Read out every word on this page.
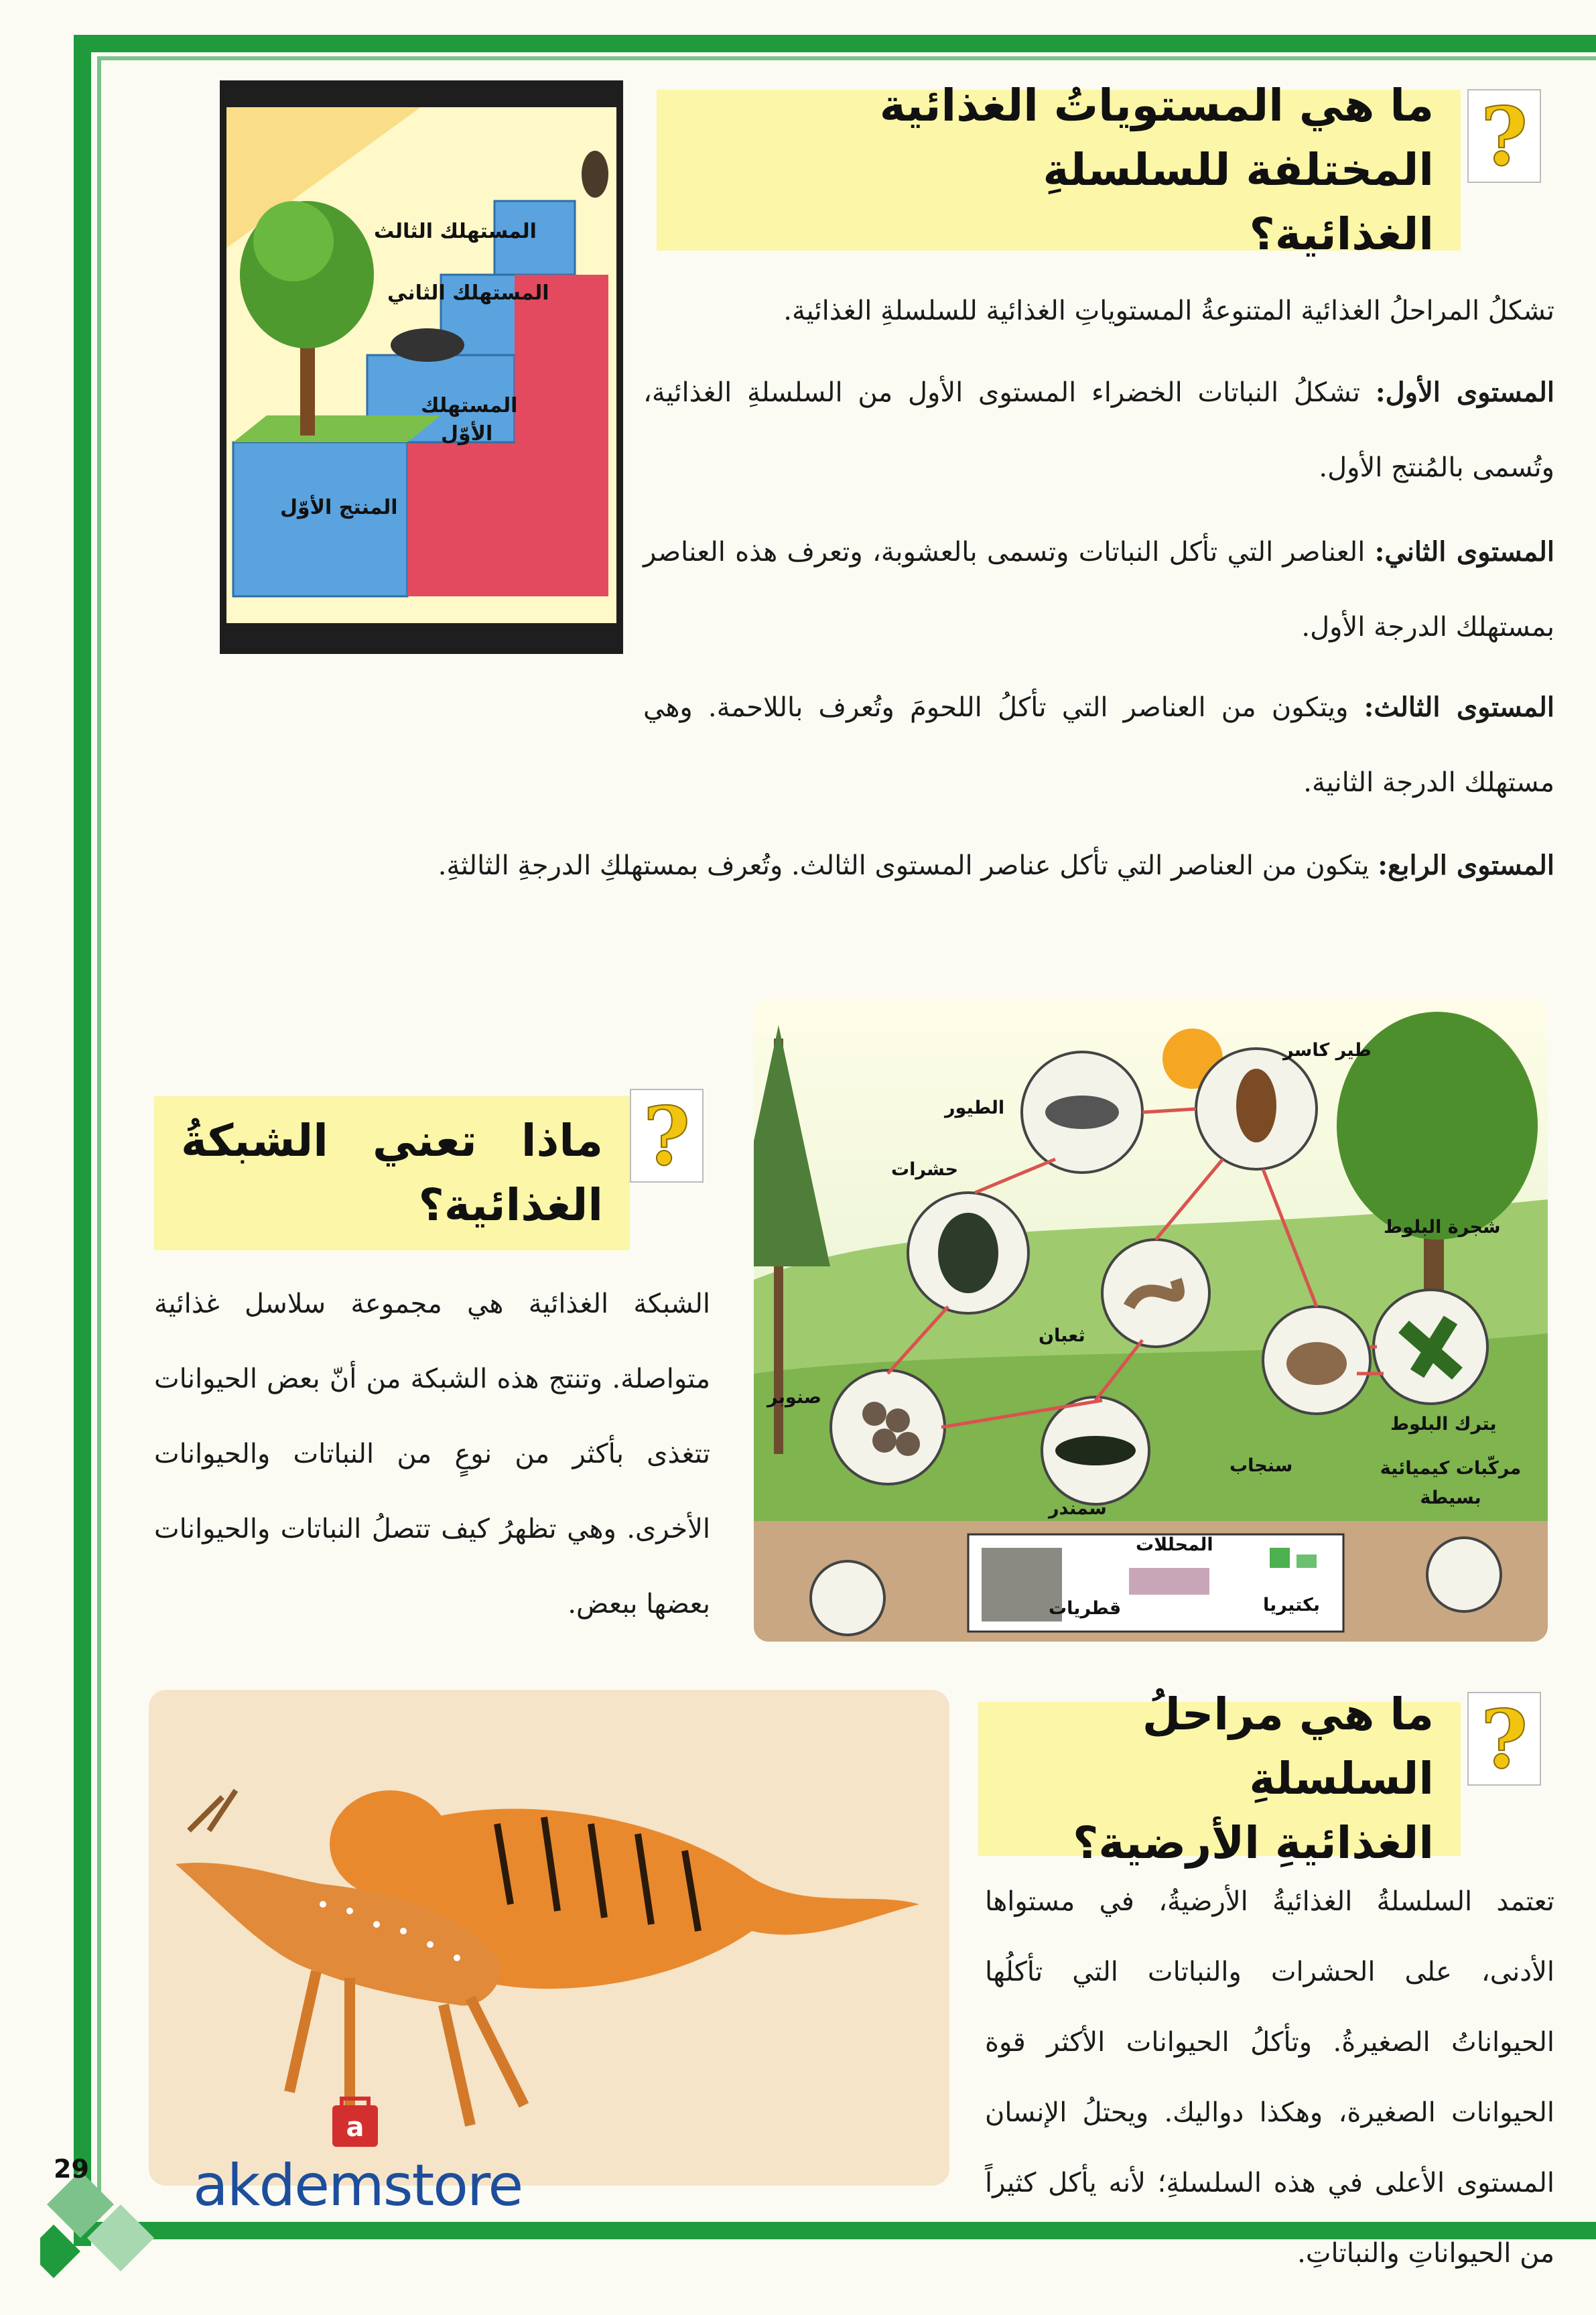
?
ما هي المستوياتُ الغذائية المختلفة للسلسلةِ
الغذائية؟
المستهلك الثالث
المستهلك الثاني
المستهلك
الأوّل
المنتج الأوّل

تشكلُ المراحلُ الغذائية المتنوعةُ المستوياتِ الغذائية للسلسلةِ الغذائية.

المستوى الأول: تشكلُ النباتات الخضراء المستوى الأول من السلسلةِ الغذائية، وتُسمى بالمُنتج الأول.

المستوى الثاني: العناصر التي تأكل النباتات وتسمى بالعشوبة، وتعرف هذه العناصر بمستهلك الدرجة الأول.

المستوى الثالث: ويتكون من العناصر التي تأكلُ اللحومَ وتُعرف باللاحمة. وهي مستهلك الدرجة الثانية.

المستوى الرابع: يتكون من العناصر التي تأكل عناصر المستوى الثالث. وتُعرف بمستهلكِ الدرجةِ الثالثةِ.

?
ماذا
تعني
الشبكةُ
الغذائية؟

الشبكة الغذائية هي مجموعة سلاسل غذائية متواصلة. وتنتج هذه الشبكة من أنّ بعض الحيوانات تتغذى بأكثر من نوعٍ من النباتات والحيوانات الأخرى. وهي تظهرُ كيف تتصلُ النباتات والحيوانات بعضها ببعض.

طير كاسر
الطيور
حشرات
شجرة البلوط
ثعبان
صنوبر
يترك البلوط
سنجاب	مركّبات كيميائية بسيطة
سمندر
المحللات
قطريات	بكتيريا
?
ما هي مراحلُ السلسلةِ
الغذائيةِ الأرضية؟

تعتمد السلسلةُ الغذائيةُ الأرضيةُ، في مستواها الأدنى، على الحشرات والنباتات التي تأكلُها الحيواناتُ الصغيرةُ. وتأكلُ الحيوانات الأكثر قوة الحيوانات الصغيرة، وهكذا دواليك. ويحتلُ الإنسان المستوى الأعلى في هذه السلسلةِ؛ لأنه يأكل كثيراً من الحيواناتِ والنباتاتِ.

29
a
akdemstore
